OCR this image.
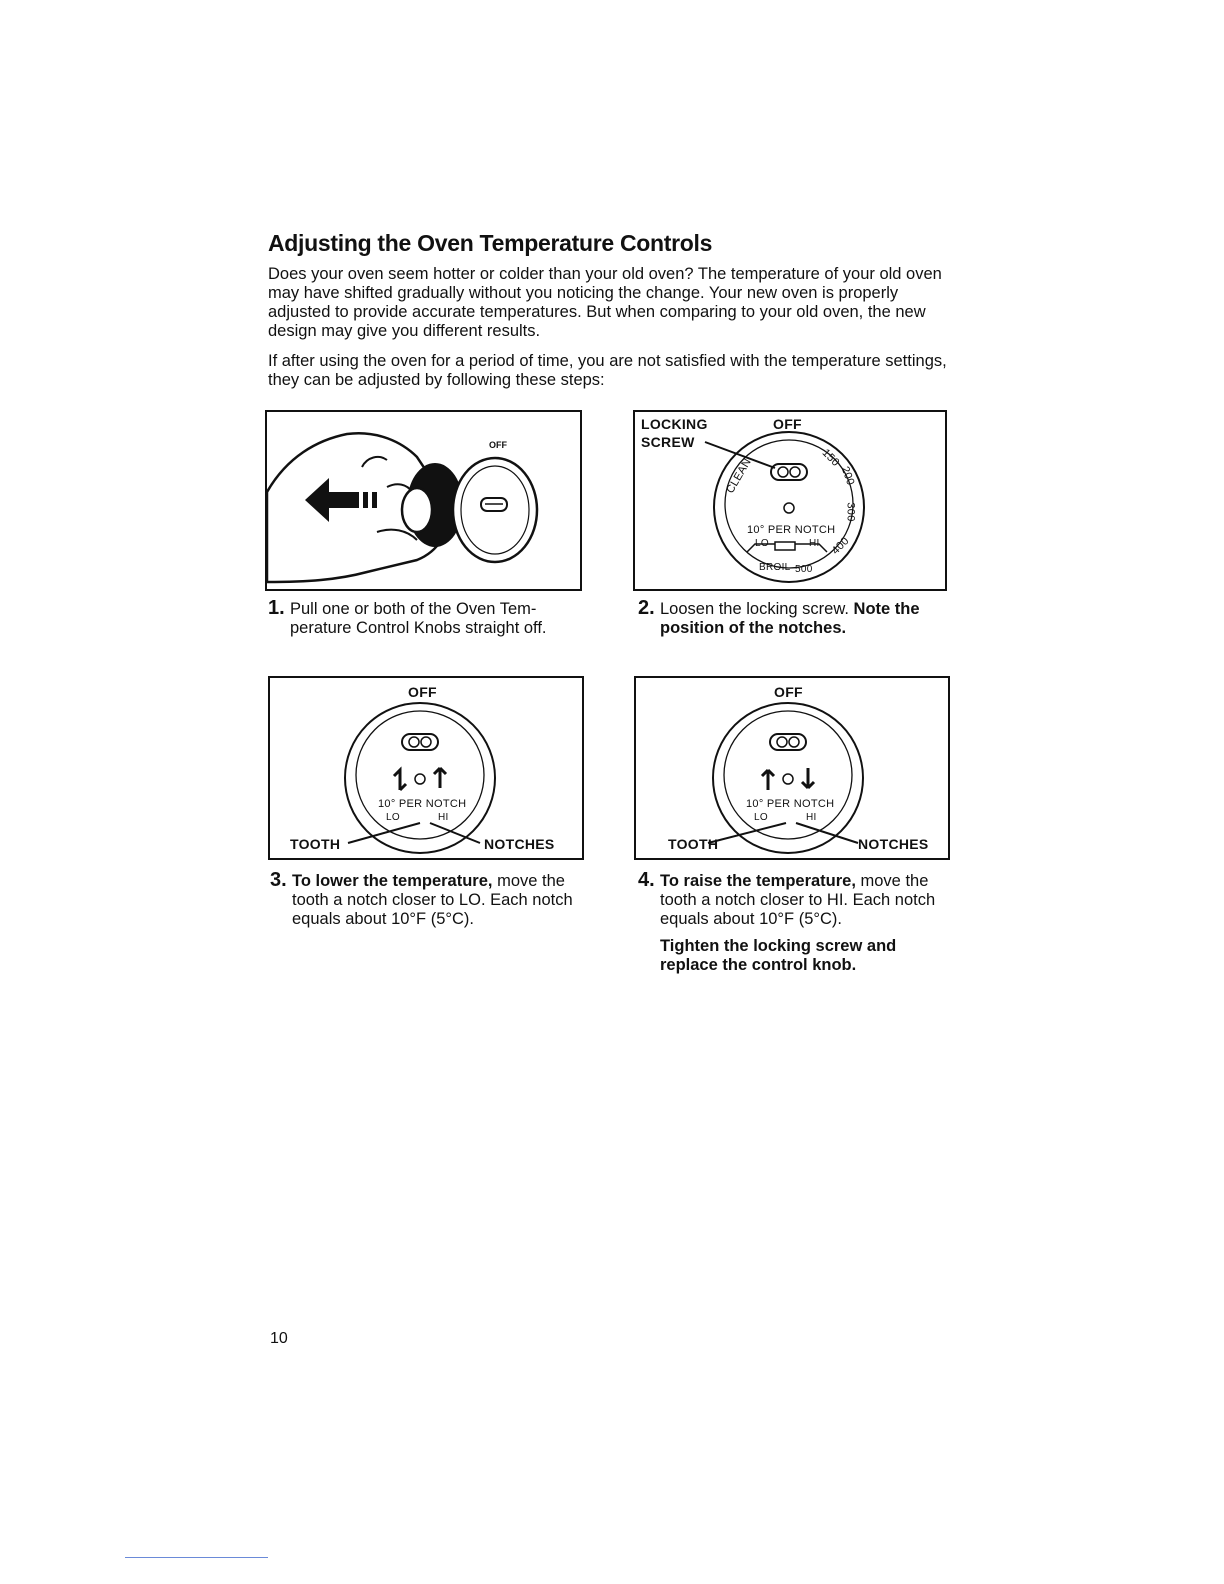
Adjusting the Oven Temperature Controls

Does your oven seem hotter or colder than your old oven? The temperature of your old oven may have shifted gradually without you noticing the change. Your new oven is properly adjusted to provide accurate temperatures. But when comparing to your old oven, the new design may give you different results.

If after using the oven for a period of time, you are not satisfied with the temperature settings, they can be adjusted by following these steps:

OFF
LOCKING
SCREW
OFF
CLEAN	150
200
300
400
10° PER NOTCH
LO	HI
BROIL 500
1. Pull one or both of the Oven Tem- perature Control Knobs straight off.
2. Loosen the locking screw. Note the position of the notches.
OFF
10° PER NOTCH
LO	HI
TOOTH	NOTCHES
OFF
10° PER NOTCH
LO	HI
TOOTH	NOTCHES
3. To lower the temperature, move the tooth a notch closer to LO. Each notch equals about 10°F (5°C).
4. To raise the temperature, move the tooth a notch closer to HI. Each notch equals about 10°F (5°C).
Tighten the locking screw and replace the control knob.
10
